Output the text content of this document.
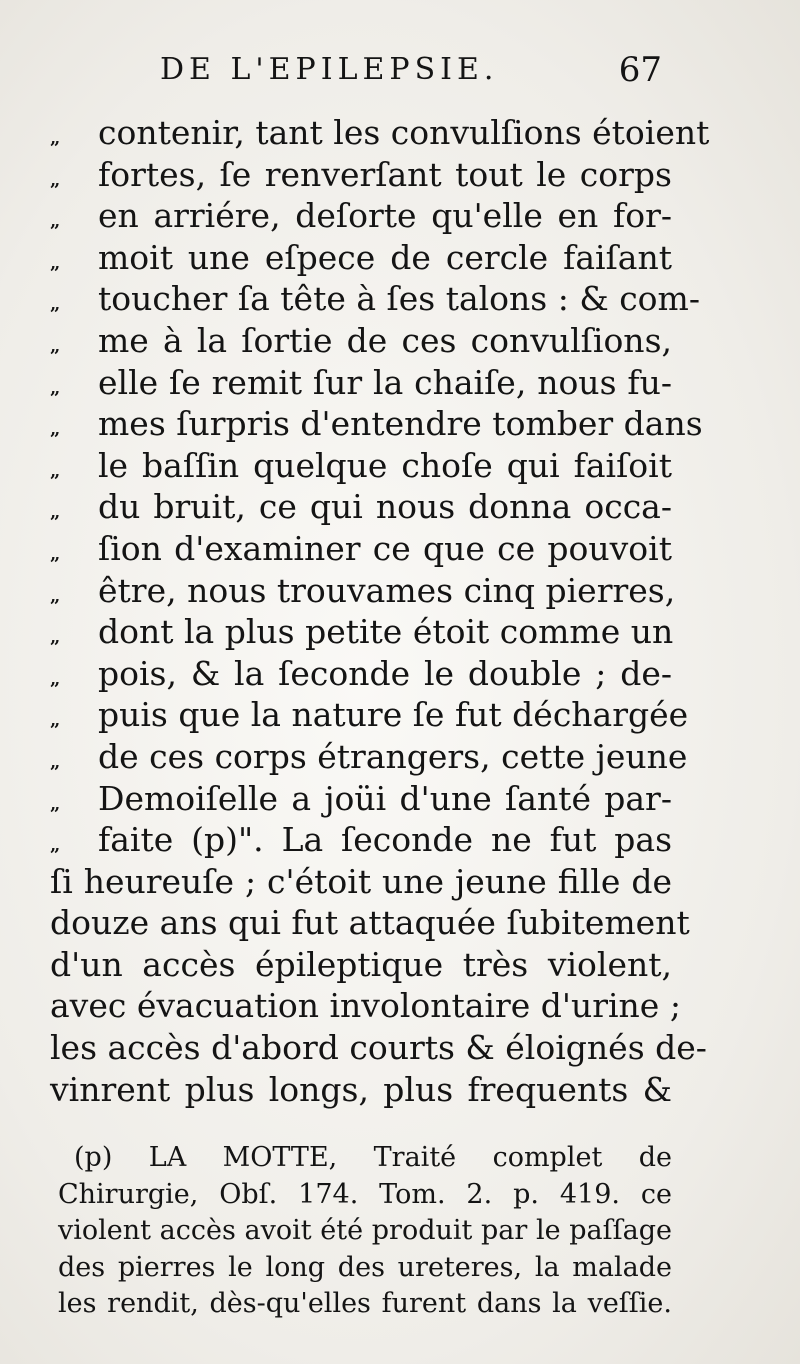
DE L'EPILEPSIE.	67
„ contenir, tant les convulſions étoient
„ fortes, ſe renverſant tout le corps
„ en arriére, deſorte qu'elle en for-
„ moit une eſpece de cercle faiſant
„ toucher ſa tête à ſes talons : & com-
„ me à la ſortie de ces convulſions,
„ elle ſe remit ſur la chaiſe, nous fu-
„ mes ſurpris d'entendre tomber dans
„ le baſſin quelque choſe qui faiſoit
„ du bruit, ce qui nous donna occa-
„ ſion d'examiner ce que ce pouvoit
„ être, nous trouvames cinq pierres,
„ dont la plus petite étoit comme un
„ pois, & la ſeconde le double ; de-
„ puis que la nature ſe fut déchargée
„ de ces corps étrangers, cette jeune
„ Demoiſelle a joüi d'une ſanté par-
„ faite (p)". La ſeconde ne fut pas
ſi heureuſe ; c'étoit une jeune fille de
douze ans qui fut attaquée ſubitement
d'un accès épileptique très violent,
avec évacuation involontaire d'urine ;
les accès d'abord courts & éloignés de-
vinrent plus longs, plus frequents &
(p) LA MOTTE, Traité complet de
Chirurgie, Obſ. 174. Tom. 2. p. 419. ce
violent accès avoit été produit par le paſſage
des pierres le long des ureteres, la malade
les rendit, dès-qu'elles furent dans la veſſie.
